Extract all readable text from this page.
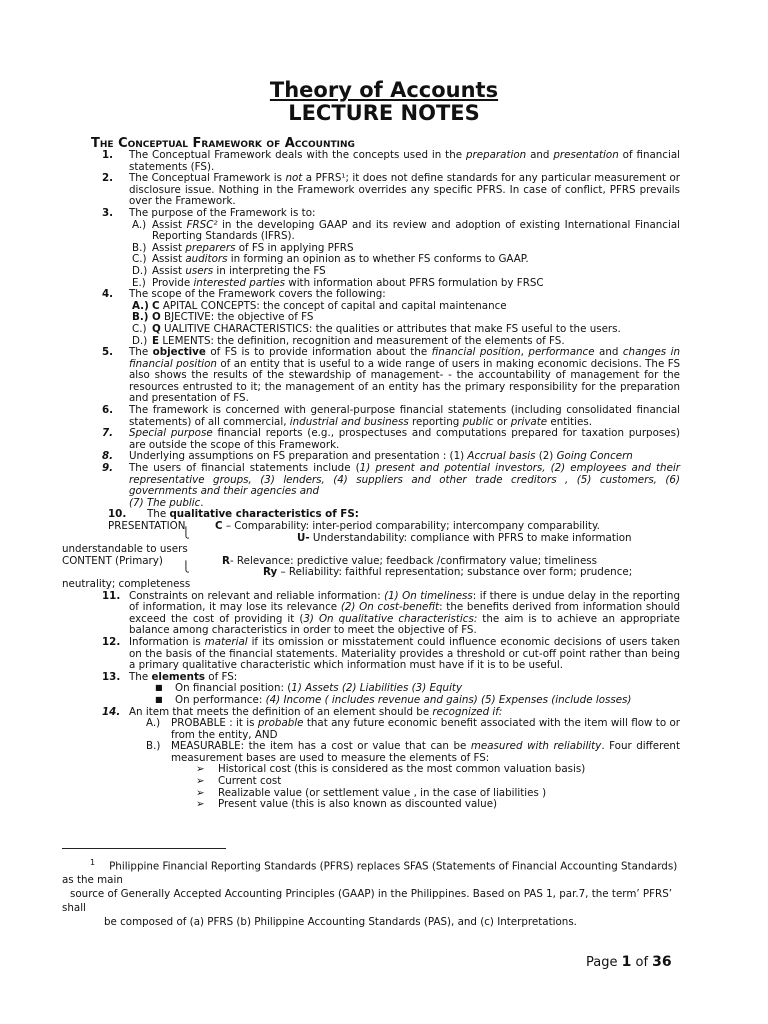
Theory of Accounts
LECTURE NOTES
The Conceptual Framework of Accounting

1. The Conceptual Framework deals with the concepts used in the preparation and presentation of financial statements (FS).

2. The Conceptual Framework is not a PFRS¹; it does not define standards for any particular measurement or disclosure issue. Nothing in the Framework overrides any specific PFRS. In case of conflict, PFRS prevails over the Framework.

3. The purpose of the Framework is to:

A.) Assist FRSC² in the developing GAAP and its review and adoption of existing International Financial Reporting Standards (IFRS).

B.) Assist preparers of FS in applying PFRS

C.) Assist auditors in forming an opinion as to whether FS conforms to GAAP.

D.) Assist users in interpreting the FS

E.) Provide interested parties with information about PFRS formulation by FRSC

4. The scope of the Framework covers the following:

A.) C APITAL CONCEPTS: the concept of capital and capital maintenance

B.) O BJECTIVE: the objective of FS

C.) Q UALITIVE CHARACTERISTICS: the qualities or attributes that make FS useful to the users.

D.) E LEMENTS: the definition, recognition and measurement of the elements of FS.

5. The objective of FS is to provide information about the financial position, performance and changes in financial position of an entity that is useful to a wide range of users in making economic decisions. The FS also shows the results of the stewardship of management- - the accountability of management for the resources entrusted to it; the management of an entity has the primary responsibility for the preparation and presentation of FS.

6. The framework is concerned with general-purpose financial statements (including consolidated financial statements) of all commercial, industrial and business reporting public or private entities.

7. Special purpose financial reports (e.g., prospectuses and computations prepared for taxation purposes) are outside the scope of this Framework.

8. Underlying assumptions on FS preparation and presentation : (1) Accrual basis (2) Going Concern

9. The users of financial statements include (1) present and potential investors, (2) employees and their representative groups, (3) lenders, (4) suppliers and other trade creditors , (5) customers, (6) governments and their agencies and

(7) The public.

10. The qualitative characteristics of FS:

PRESENTATION	C – Comparability: inter-period comparability; intercompany comparability.

⎩	U- Understandability: compliance with PFRS to make information

understandable to users

CONTENT (Primary)	R- Relevance: predictive value; feedback /confirmatory value; timeliness

⎩	Ry – Reliability: faithful representation; substance over form; prudence;

neutrality; completeness

11. Constraints on relevant and reliable information: (1) On timeliness: if there is undue delay in the reporting of information, it may lose its relevance (2) On cost-benefit: the benefits derived from information should exceed the cost of providing it (3) On qualitative characteristics: the aim is to achieve an appropriate balance among characteristics in order to meet the objective of FS.

12. Information is material if its omission or misstatement could influence economic decisions of users taken on the basis of the financial statements. Materiality provides a threshold or cut-off point rather than being a primary qualitative characteristic which information must have if it is to be useful.

13. The elements of FS:

■ On financial position: (1) Assets (2) Liabilities (3) Equity

■ On performance: (4) Income ( includes revenue and gains) (5) Expenses (include losses)

14. An item that meets the definition of an element should be recognized if:

A.) PROBABLE : it is probable that any future economic benefit associated with the item will flow to or from the entity, AND

B.) MEASURABLE: the item has a cost or value that can be measured with reliability. Four different measurement bases are used to measure the elements of FS:

➢ Historical cost (this is considered as the most common valuation basis)

➢ Current cost

➢ Realizable value (or settlement value , in the case of liabilities )

➢ Present value (this is also known as discounted value)

$^1$ Philippine Financial Reporting Standards (PFRS) replaces SFAS (Statements of Financial Accounting Standards) as the main

source of Generally Accepted Accounting Principles (GAAP) in the Philippines. Based on PAS 1, par.7, the term’ PFRS’ shall

be composed of (a) PFRS (b) Philippine Accounting Standards (PAS), and (c) Interpretations.

Page 1 of 36
